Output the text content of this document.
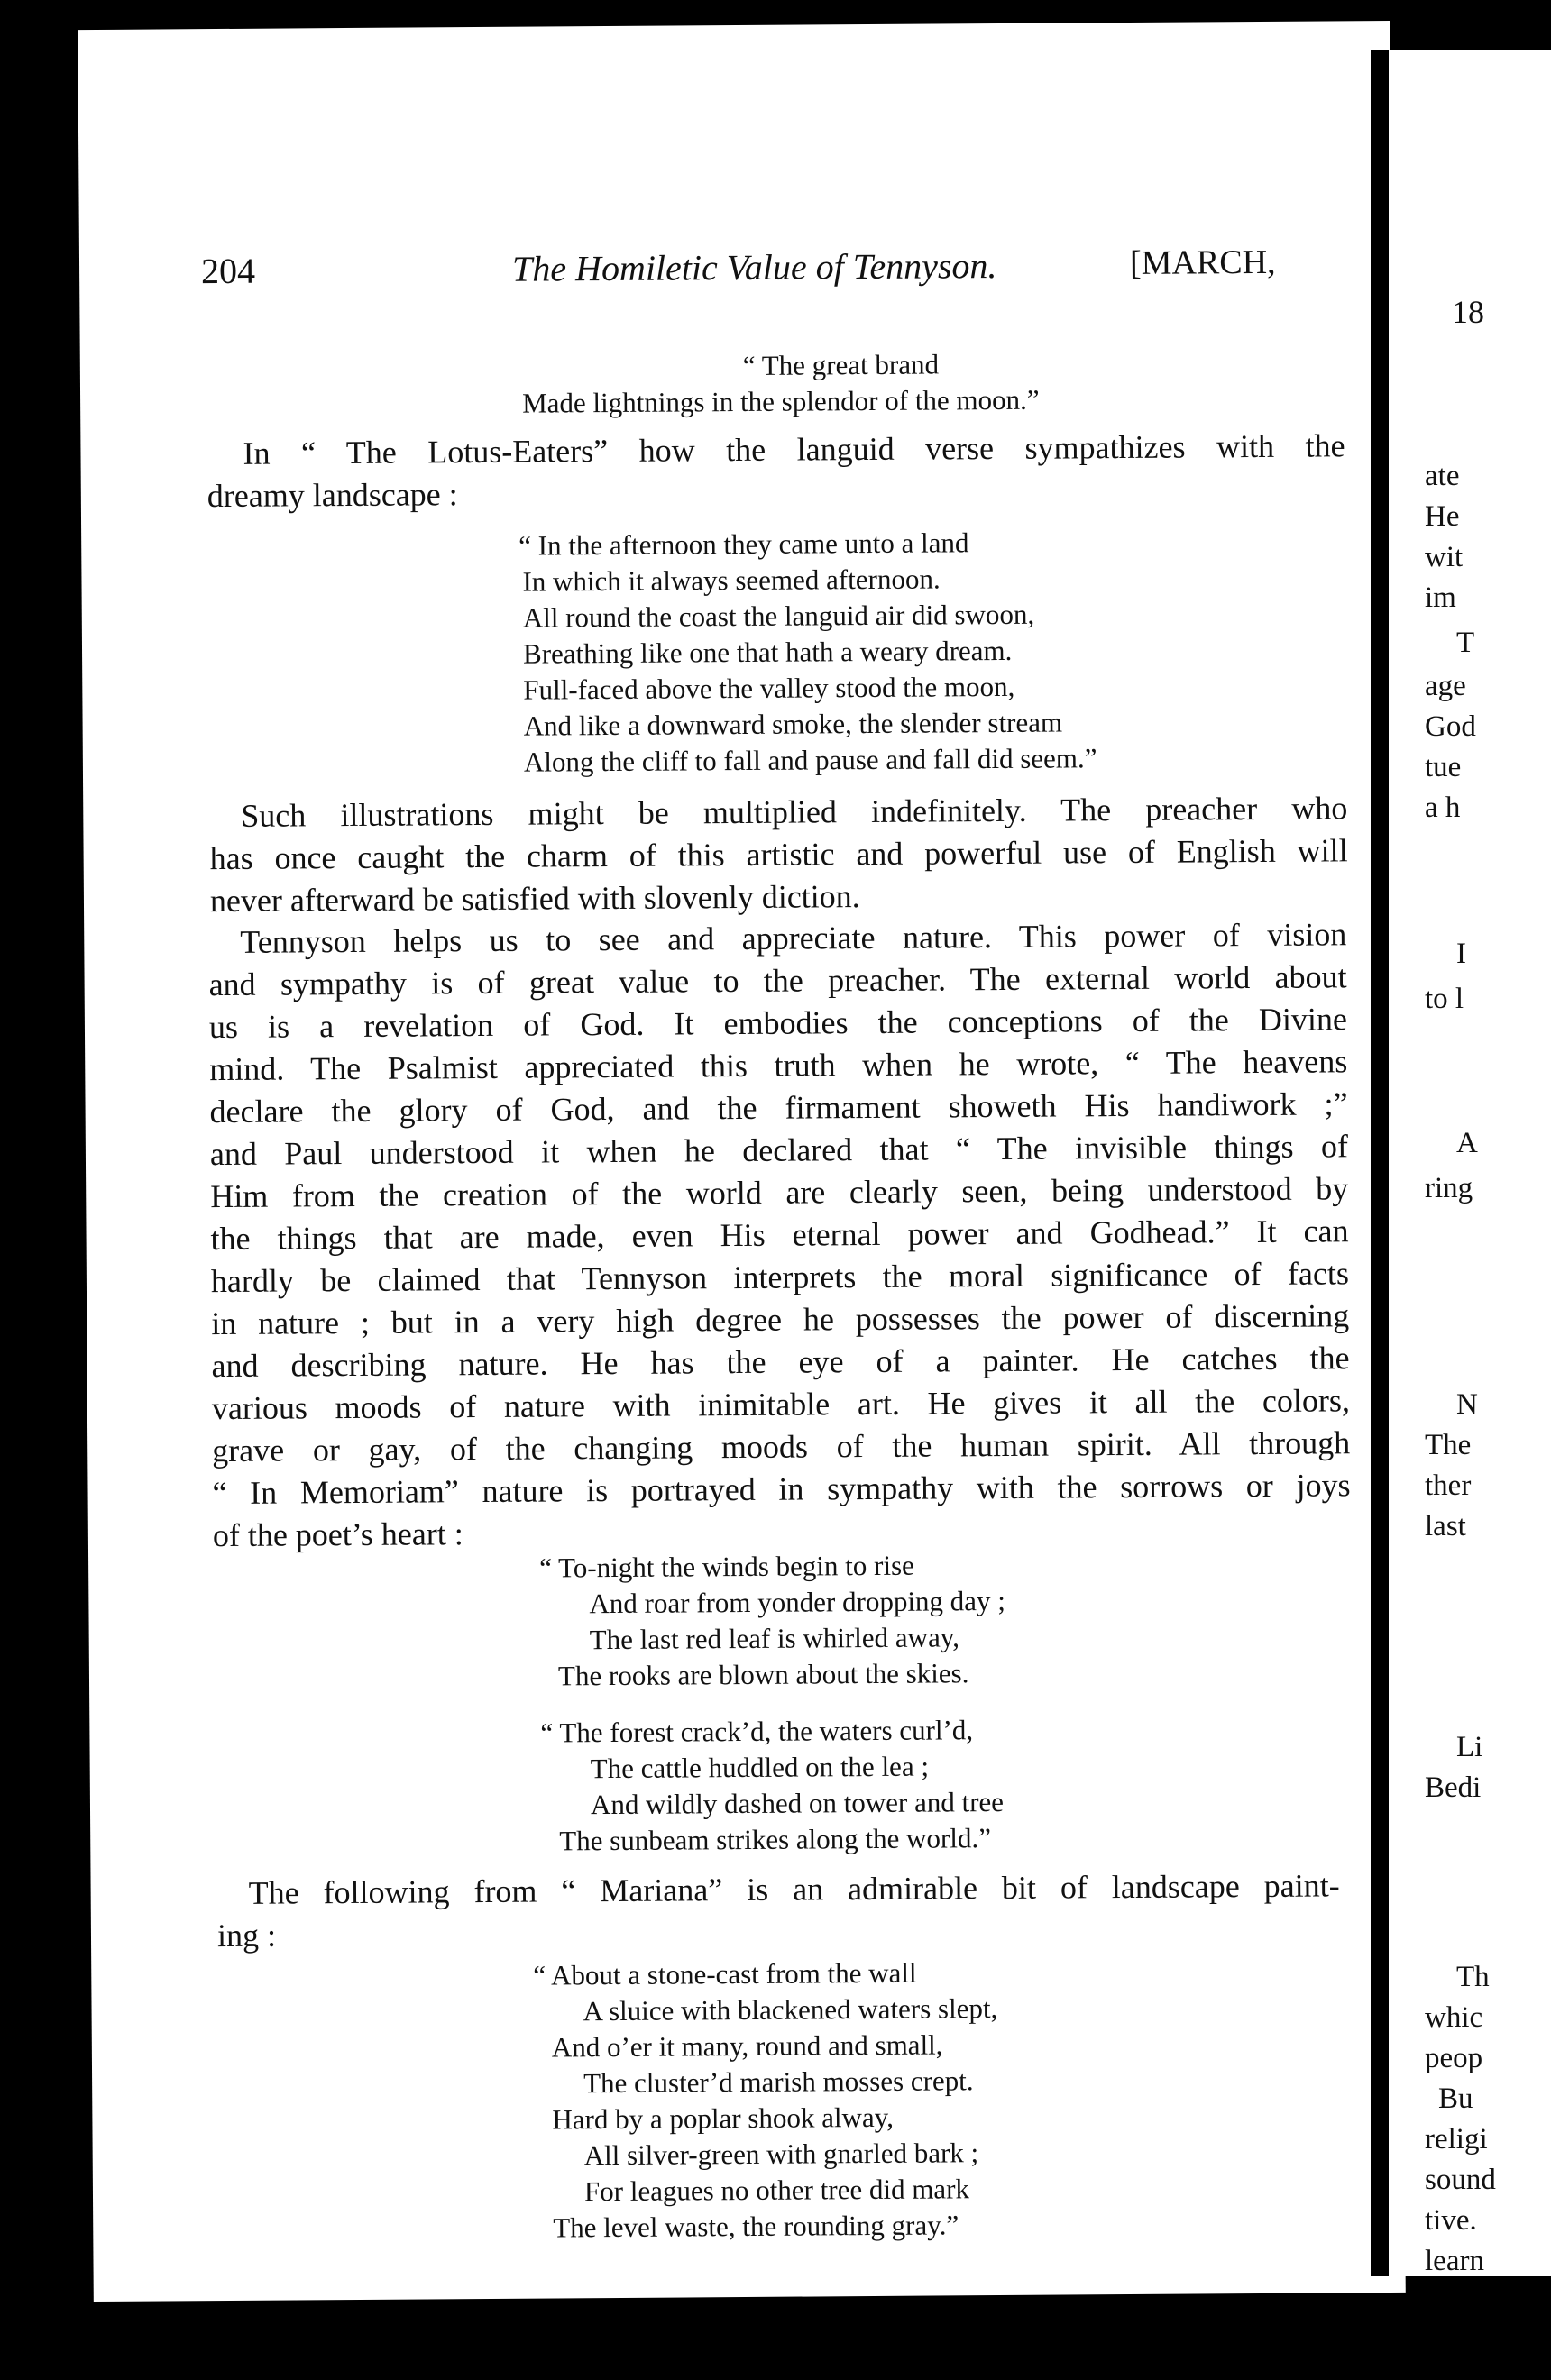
204	The Homiletic Value of Tennyson.	[MARCH,
“ The great brand
Made lightnings in the splendor of the moon.”
In “ The Lotus-Eaters” how the languid verse sympathizes with the
dreamy landscape :
“ In the afternoon they came unto a land
In which it always seemed afternoon.
All round the coast the languid air did swoon,
Breathing like one that hath a weary dream.
Full-faced above the valley stood the moon,
And like a downward smoke, the slender stream
Along the cliff to fall and pause and fall did seem.”
Such illustrations might be multiplied indefinitely. The preacher who
has once caught the charm of this artistic and powerful use of English will
never afterward be satisfied with slovenly diction.
Tennyson helps us to see and appreciate nature. This power of vision
and sympathy is of great value to the preacher. The external world about
us is a revelation of God. It embodies the conceptions of the Divine
mind. The Psalmist appreciated this truth when he wrote, “ The heavens
declare the glory of God, and the firmament showeth His handiwork ;”
and Paul understood it when he declared that “ The invisible things of
Him from the creation of the world are clearly seen, being understood by
the things that are made, even His eternal power and Godhead.” It can
hardly be claimed that Tennyson interprets the moral significance of facts
in nature ; but in a very high degree he possesses the power of discerning
and describing nature. He has the eye of a painter. He catches the
various moods of nature with inimitable art. He gives it all the colors,
grave or gay, of the changing moods of the human spirit. All through
“ In Memoriam” nature is portrayed in sympathy with the sorrows or joys
of the poet’s heart :
“ To-night the winds begin to rise
And roar from yonder dropping day ;
The last red leaf is whirled away,
The rooks are blown about the skies.
“ The forest crack’d, the waters curl’d,
The cattle huddled on the lea ;
And wildly dashed on tower and tree
The sunbeam strikes along the world.”
The following from “ Mariana” is an admirable bit of landscape paint-
ing :
“ About a stone-cast from the wall
A sluice with blackened waters slept,
And o’er it many, round and small,
The cluster’d marish mosses crept.
Hard by a poplar shook alway,
All silver-green with gnarled bark ;
For leagues no other tree did mark
The level waste, the rounding gray.”
18
ate
He
wit
im
T
age
God
tue
a h
I
to l
A
ring
N
The
ther
last
Li
Bedi
Th
whic
peop
Bu
religi
sound
tive.
learn
